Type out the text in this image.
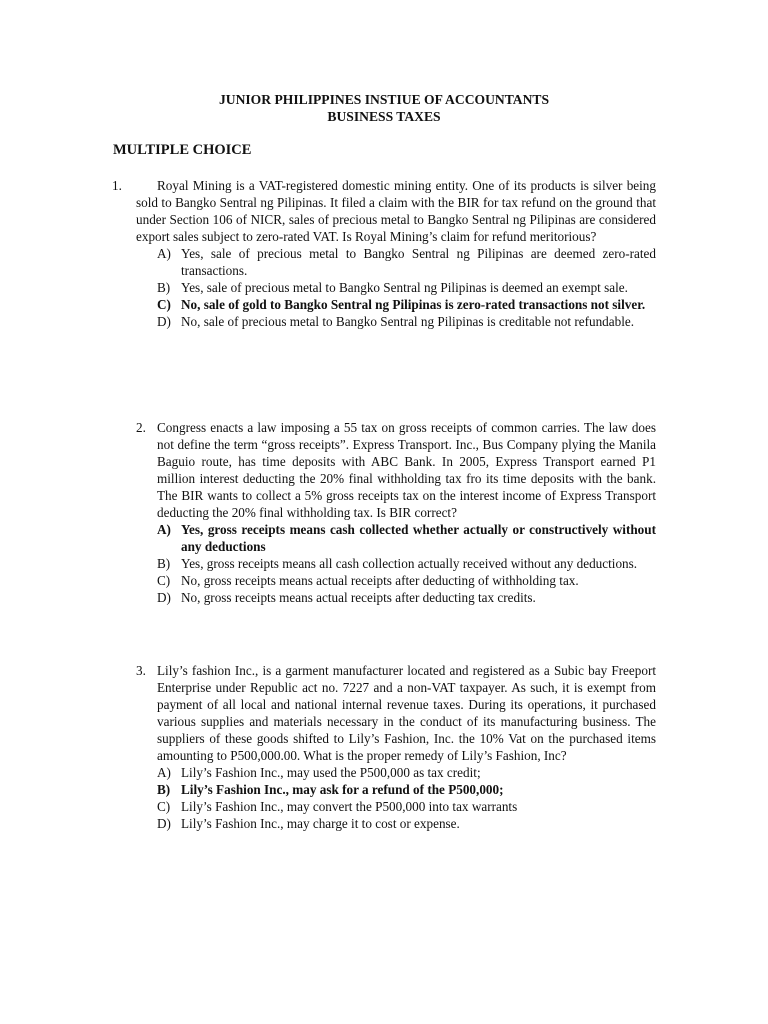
JUNIOR PHILIPPINES INSTIUE OF ACCOUNTANTS
BUSINESS TAXES
MULTIPLE CHOICE
1.	Royal Mining is a VAT-registered domestic mining entity. One of its products is silver being sold to Bangko Sentral ng Pilipinas. It filed a claim with the BIR for tax refund on the ground that under Section 106 of NICR, sales of precious metal to Bangko Sentral ng Pilipinas are considered export sales subject to zero-rated VAT. Is Royal Mining’s claim for refund meritorious?
A) Yes, sale of precious metal to Bangko Sentral ng Pilipinas are deemed zero-rated transactions.
B) Yes, sale of precious metal to Bangko Sentral ng Pilipinas is deemed an exempt sale.
C) No, sale of gold to Bangko Sentral ng Pilipinas is zero-rated transactions not silver.
D) No, sale of precious metal to Bangko Sentral ng Pilipinas is creditable not refundable.
2. Congress enacts a law imposing a 55 tax on gross receipts of common carries. The law does not define the term “gross receipts”. Express Transport. Inc., Bus Company plying the Manila Baguio route, has time deposits with ABC Bank. In 2005, Express Transport earned P1 million interest deducting the 20% final withholding tax fro its time deposits with the bank. The BIR wants to collect a 5% gross receipts tax on the interest income of Express Transport deducting the 20% final withholding tax. Is BIR correct?
A) Yes, gross receipts means cash collected whether actually or constructively without any deductions
B) Yes, gross receipts means all cash collection actually received without any deductions.
C) No, gross receipts means actual receipts after deducting of withholding tax.
D) No, gross receipts means actual receipts after deducting tax credits.
3. Lily’s fashion Inc., is a garment manufacturer located and registered as a Subic bay Freeport Enterprise under Republic act no. 7227 and a non-VAT taxpayer. As such, it is exempt from payment of all local and national internal revenue taxes. During its operations, it purchased various supplies and materials necessary in the conduct of its manufacturing business. The suppliers of these goods shifted to Lily’s Fashion, Inc. the 10% Vat on the purchased items amounting to P500,000.00. What is the proper remedy of Lily’s Fashion, Inc?
A) Lily’s Fashion Inc., may used the P500,000 as tax credit;
B) Lily’s Fashion Inc., may ask for a refund of the P500,000;
C) Lily’s Fashion Inc., may convert the P500,000 into tax warrants
D) Lily’s Fashion Inc., may charge it to cost or expense.
